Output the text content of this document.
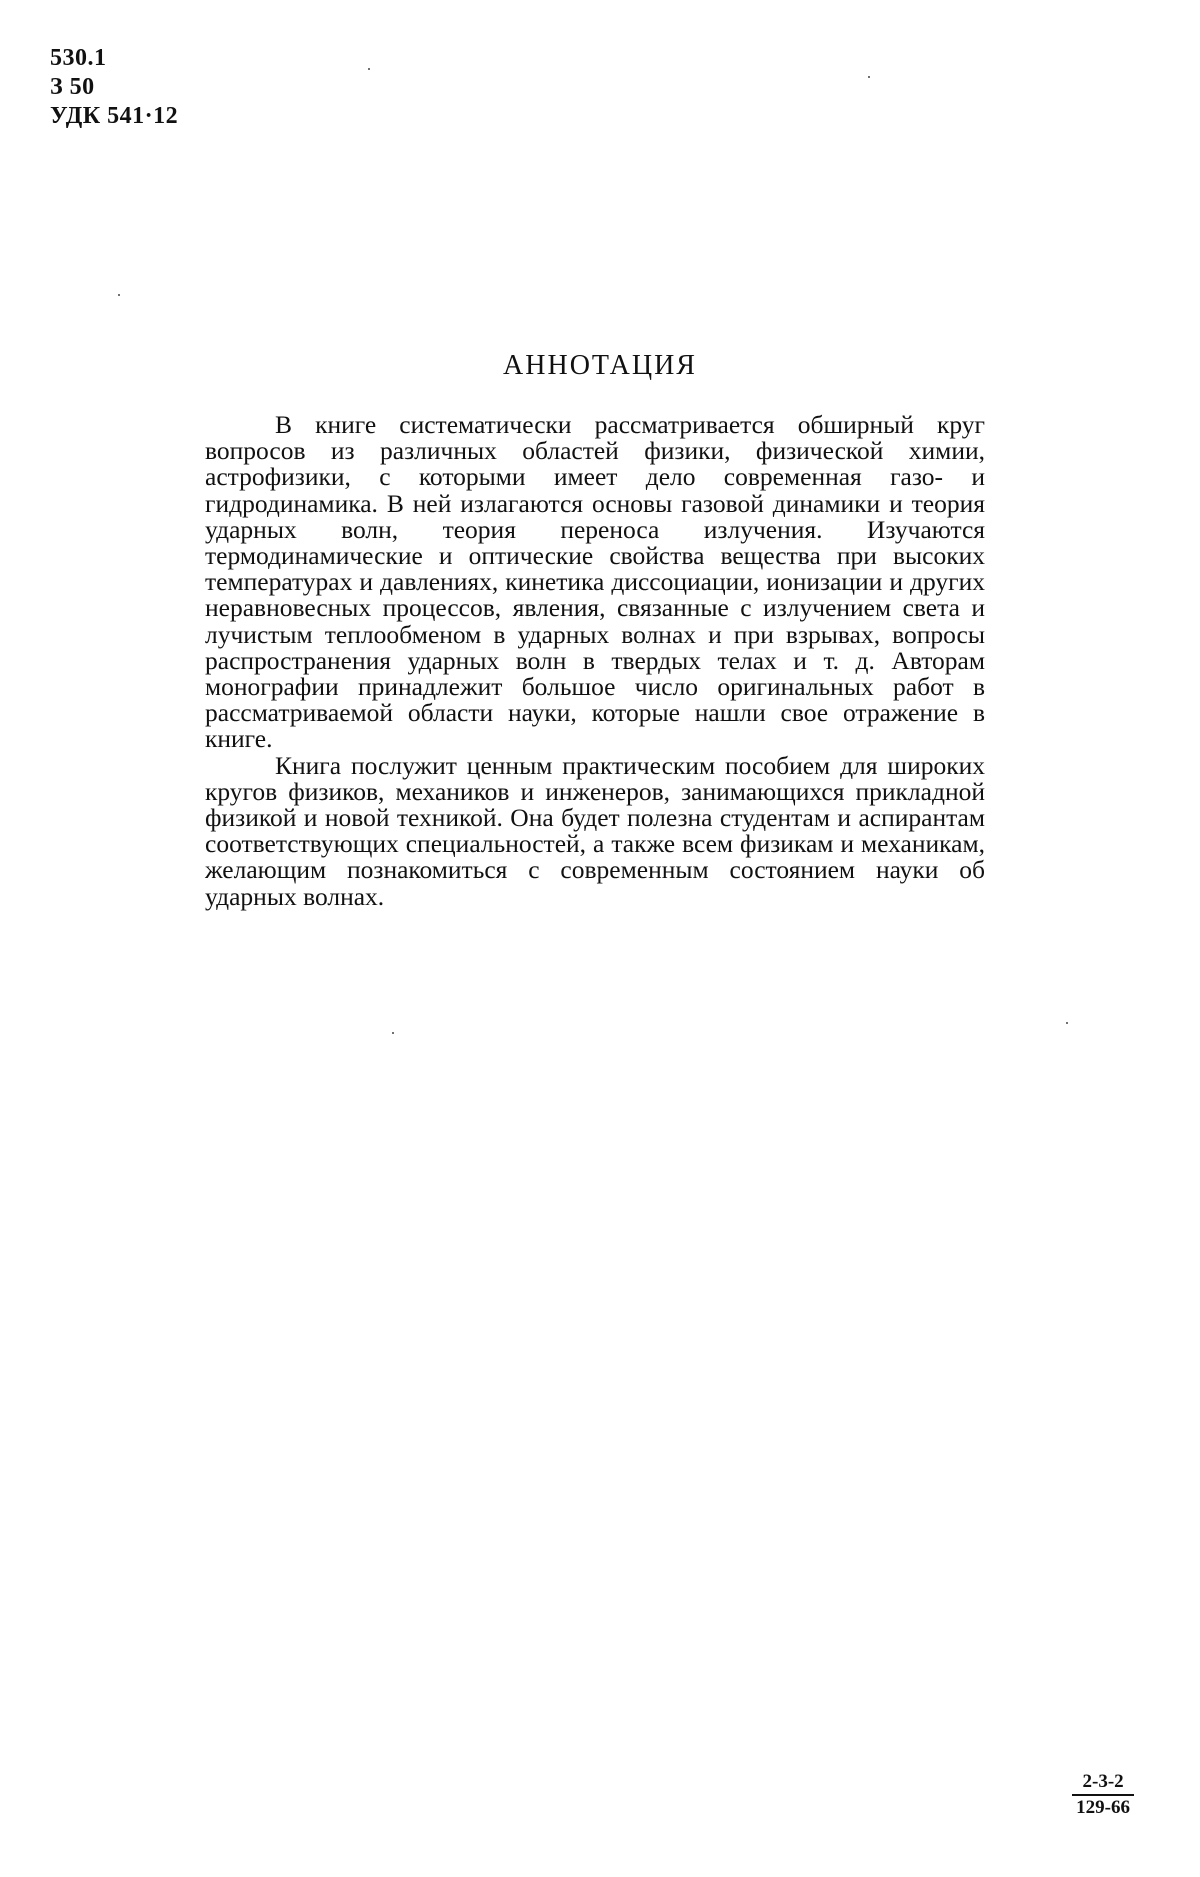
530.1
З 50
УДК 541·12
АННОТАЦИЯ

В книге систематически рассматривается обширный круг вопросов из различных областей физики, физической химии, астрофизики, с которыми имеет дело современная газо- и гидродинамика. В ней излагаются основы газовой динамики и теория ударных волн, теория переноса излучения. Изучаются термодинамические и оптические свойства вещества при высоких температурах и давлениях, кинетика диссоциации, ионизации и других неравновесных процессов, явления, связанные с излучением света и лучистым теплообменом в ударных волнах и при взрывах, вопросы распространения ударных волн в твердых телах и т. д. Авторам монографии принадлежит большое число оригинальных работ в рассматриваемой области науки, которые нашли свое отражение в книге.

Книга послужит ценным практическим пособием для широких кругов физиков, механиков и инженеров, занимающихся прикладной физикой и новой техникой. Она будет полезна студентам и аспирантам соответствующих специальностей, а также всем физикам и механикам, желающим познакомиться с современным состоянием науки об ударных волнах.

2-3-2
129-66
